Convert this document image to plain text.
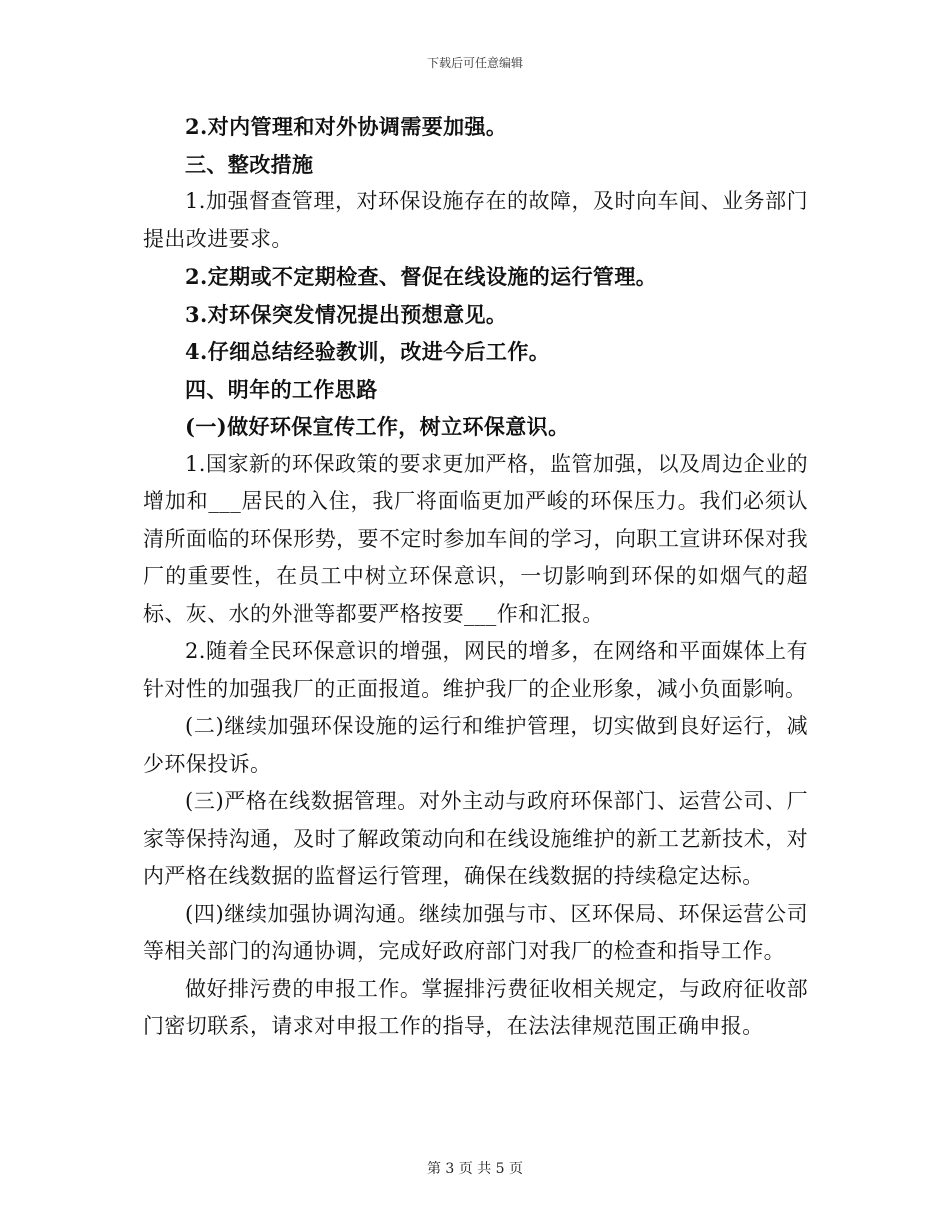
下载后可任意编辑

2.对内管理和对外协调需要加强。

三、整改措施

1.加强督查管理，对环保设施存在的故障，及时向车间、业务部门提出改进要求。

2.定期或不定期检查、督促在线设施的运行管理。

3.对环保突发情况提出预想意见。

4.仔细总结经验教训，改进今后工作。

四、明年的工作思路

(一)做好环保宣传工作，树立环保意识。

1.国家新的环保政策的要求更加严格，监管加强，以及周边企业的增加和___居民的入住，我厂将面临更加严峻的环保压力。我们必须认清所面临的环保形势，要不定时参加车间的学习，向职工宣讲环保对我厂的重要性，在员工中树立环保意识，一切影响到环保的如烟气的超标、灰、水的外泄等都要严格按要___作和汇报。

2.随着全民环保意识的增强，网民的增多，在网络和平面媒体上有针对性的加强我厂的正面报道。维护我厂的企业形象，减小负面影响。

(二)继续加强环保设施的运行和维护管理，切实做到良好运行，减少环保投诉。

(三)严格在线数据管理。对外主动与政府环保部门、运营公司、厂家等保持沟通，及时了解政策动向和在线设施维护的新工艺新技术，对内严格在线数据的监督运行管理，确保在线数据的持续稳定达标。

(四)继续加强协调沟通。继续加强与市、区环保局、环保运营公司等相关部门的沟通协调，完成好政府部门对我厂的检查和指导工作。

做好排污费的申报工作。掌握排污费征收相关规定，与政府征收部门密切联系，请求对申报工作的指导，在法法律规范围正确申报。

第 3 页 共 5 页
